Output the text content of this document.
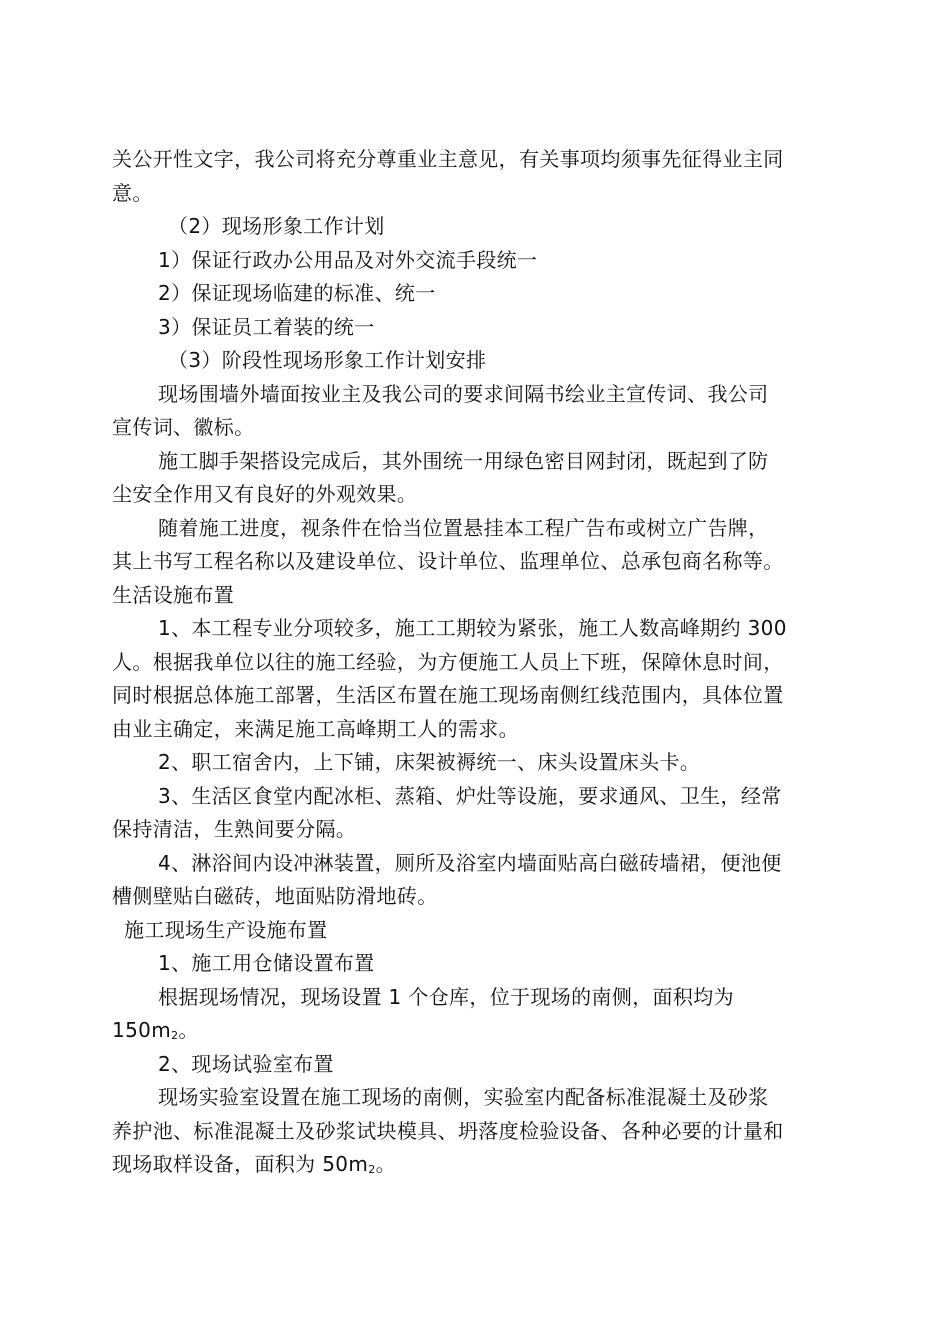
关公开性文字，我公司将充分尊重业主意见，有关事项均须事先征得业主同
意。
（2）现场形象工作计划
1）保证行政办公用品及对外交流手段统一
2）保证现场临建的标准、统一
3）保证员工着装的统一
（3）阶段性现场形象工作计划安排
现场围墙外墙面按业主及我公司的要求间隔书绘业主宣传词、我公司
宣传词、徽标。
施工脚手架搭设完成后，其外围统一用绿色密目网封闭，既起到了防
尘安全作用又有良好的外观效果。
随着施工进度，视条件在恰当位置悬挂本工程广告布或树立广告牌，
其上书写工程名称以及建设单位、设计单位、监理单位、总承包商名称等。
生活设施布置
1、本工程专业分项较多，施工工期较为紧张，施工人数高峰期约 300
人。根据我单位以往的施工经验，为方便施工人员上下班，保障休息时间，
同时根据总体施工部署，生活区布置在施工现场南侧红线范围内，具体位置
由业主确定，来满足施工高峰期工人的需求。
2、职工宿舍内，上下铺，床架被褥统一、床头设置床头卡。
3、生活区食堂内配冰柜、蒸箱、炉灶等设施，要求通风、卫生，经常
保持清洁，生熟间要分隔。
4、淋浴间内设冲淋装置，厕所及浴室内墙面贴高白磁砖墙裙，便池便
槽侧壁贴白磁砖，地面贴防滑地砖。
施工现场生产设施布置
1、施工用仓储设置布置
根据现场情况，现场设置 1 个仓库，位于现场的南侧，面积均为
150m2。
2、现场试验室布置
现场实验室设置在施工现场的南侧，实验室内配备标准混凝土及砂浆
养护池、标准混凝土及砂浆试块模具、坍落度检验设备、各种必要的计量和
现场取样设备，面积为 50m2。
